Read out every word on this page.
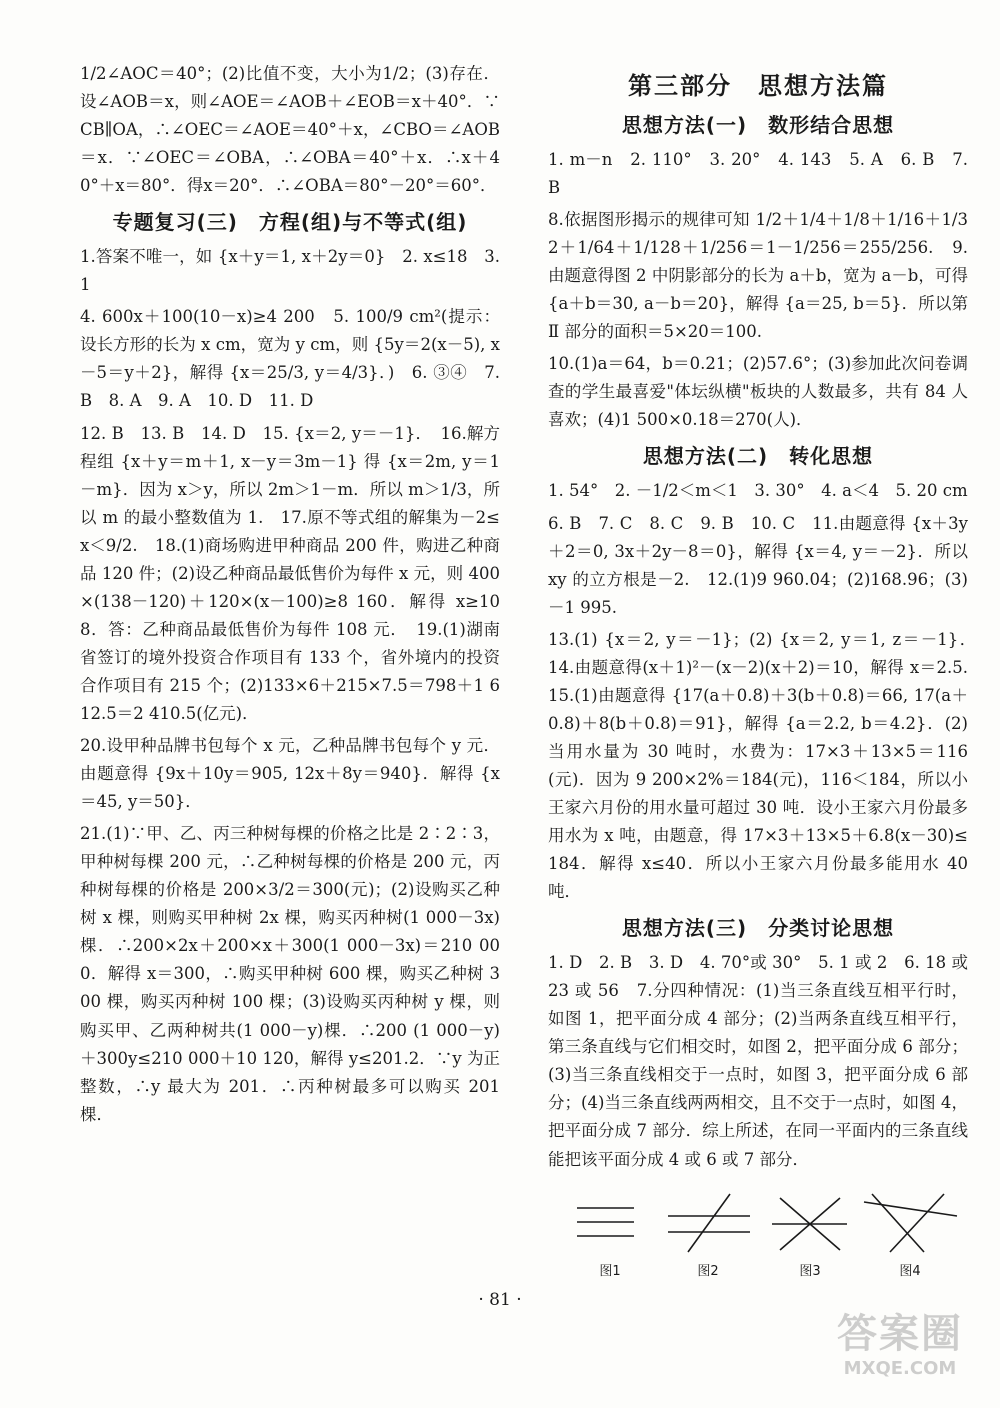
1/2∠AOC＝40°；(2)比值不变，大小为1/2；(3)存在．设∠AOB＝x，则∠AOE＝∠AOB＋∠EOB＝x＋40°．∵CB∥OA，∴∠OEC＝∠AOE＝40°＋x，∠CBO＝∠AOB＝x．∵∠OEC＝∠OBA，∴∠OBA＝40°＋x．∴x＋40°＋x＝80°．得x＝20°．∴∠OBA＝80°－20°＝60°．

专题复习(三)　方程(组)与不等式(组)

1.答案不唯一，如 {x＋y＝1, x＋2y＝0}　2. x≤18　3. 1

4. 600x＋100(10－x)≥4 200　5. 100/9 cm²(提示：设长方形的长为 x cm，宽为 y cm，则 {5y＝2(x－5), x－5＝y＋2}，解得 {x＝25/3, y＝4/3}．)　6. ③④　7. B　8. A　9. A　10. D　11. D

12. B　13. B　14. D　15. {x＝2, y＝－1}．　16.解方程组 {x＋y＝m＋1, x－y＝3m－1} 得 {x＝2m, y＝1－m}．因为 x＞y，所以 2m＞1－m．所以 m＞1/3，所以 m 的最小整数值为 1.　17.原不等式组的解集为－2≤x＜9/2.　18.(1)商场购进甲种商品 200 件，购进乙种商品 120 件；(2)设乙种商品最低售价为每件 x 元，则 400×(138－120)＋120×(x－100)≥8 160．解得 x≥108．答：乙种商品最低售价为每件 108 元．　19.(1)湖南省签订的境外投资合作项目有 133 个，省外境内的投资合作项目有 215 个；(2)133×6＋215×7.5＝798＋1 612.5＝2 410.5(亿元)．

20.设甲种品牌书包每个 x 元，乙种品牌书包每个 y 元．由题意得 {9x＋10y＝905, 12x＋8y＝940}．解得 {x＝45, y＝50}．

21.(1)∵甲、乙、丙三种树每棵的价格之比是 2∶2∶3，甲种树每棵 200 元，∴乙种树每棵的价格是 200 元，丙种树每棵的价格是 200×3/2＝300(元)；(2)设购买乙种树 x 棵，则购买甲种树 2x 棵，购买丙种树(1 000－3x)棵．∴200×2x＋200×x＋300(1 000－3x)＝210 000．解得 x＝300，∴购买甲种树 600 棵，购买乙种树 300 棵，购买丙种树 100 棵；(3)设购买丙种树 y 棵，则购买甲、乙两种树共(1 000－y)棵．∴200 (1 000－y)＋300y≤210 000＋10 120，解得 y≤201.2．∵y 为正整数，∴y 最大为 201．∴丙种树最多可以购买 201 棵．

第三部分　思想方法篇
思想方法(一)　数形结合思想

1. m－n　2. 110°　3. 20°　4. 143　5. A　6. B　7. B

8.依据图形揭示的规律可知 1/2＋1/4＋1/8＋1/16＋1/32＋1/64＋1/128＋1/256＝1－1/256＝255/256.　9.由题意得图 2 中阴影部分的长为 a＋b，宽为 a－b，可得 {a＋b＝30, a－b＝20}，解得 {a＝25, b＝5}．所以第 Ⅱ 部分的面积＝5×20＝100.

10.(1)a＝64，b＝0.21；(2)57.6°；(3)参加此次问卷调查的学生最喜爱"体坛纵横"板块的人数最多，共有 84 人喜欢；(4)1 500×0.18＝270(人)．

思想方法(二)　转化思想

1. 54°　2. －1/2＜m＜1　3. 30°　4. a＜4　5. 20 cm

6. B　7. C　8. C　9. B　10. C　11.由题意得 {x＋3y＋2＝0, 3x＋2y－8＝0}，解得 {x＝4, y＝－2}．所以 xy 的立方根是－2.　12.(1)9 960.04；(2)168.96；(3)－1 995.

13.(1) {x＝2, y＝－1}；(2) {x＝2, y＝1, z＝－1}．　14.由题意得(x＋1)²－(x－2)(x＋2)＝10，解得 x＝2.5.　15.(1)由题意得 {17(a＋0.8)＋3(b＋0.8)＝66, 17(a＋0.8)＋8(b＋0.8)＝91}，解得 {a＝2.2, b＝4.2}．(2)当用水量为 30 吨时，水费为：17×3＋13×5＝116(元)．因为 9 200×2%＝184(元)，116＜184，所以小王家六月份的用水量可超过 30 吨．设小王家六月份最多用水为 x 吨，由题意，得 17×3＋13×5＋6.8(x－30)≤184．解得 x≤40．所以小王家六月份最多能用水 40 吨．

思想方法(三)　分类讨论思想

1. D　2. B　3. D　4. 70°或 30°　5. 1 或 2　6. 18 或 23 或 56　7.分四种情况：(1)当三条直线互相平行时，如图 1，把平面分成 4 部分；(2)当两条直线互相平行，第三条直线与它们相交时，如图 2，把平面分成 6 部分；(3)当三条直线相交于一点时，如图 3，把平面分成 6 部分；(4)当三条直线两两相交，且不交于一点时，如图 4，把平面分成 7 部分．综上所述，在同一平面内的三条直线能把该平面分成 4 或 6 或 7 部分．

图1	图2	图3	图4
· 81 ·
答案圈
MXQE.COM
